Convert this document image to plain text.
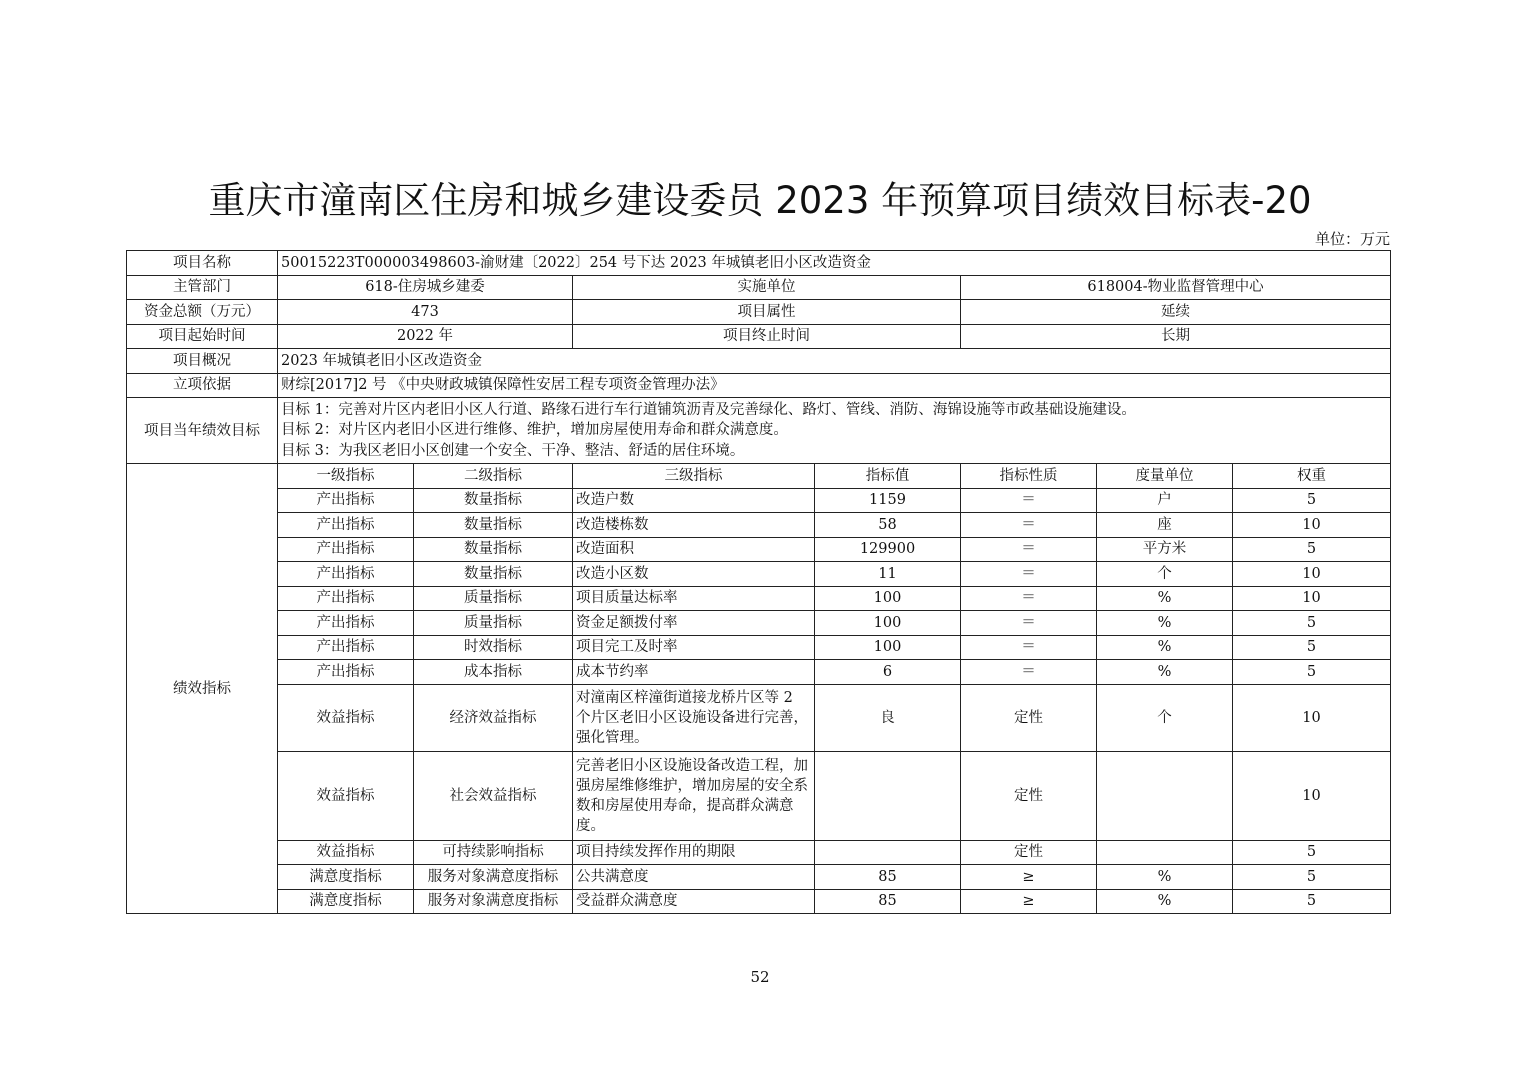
重庆市潼南区住房和城乡建设委员 2023 年预算项目绩效目标表-20
单位：万元
项目名称	50015223T000003498603-渝财建〔2022〕254 号下达 2023 年城镇老旧小区改造资金						
主管部门	618-住房城乡建委		实施单位		618004-物业监督管理中心		
资金总额（万元）	473		项目属性		延续		
项目起始时间	2022 年		项目终止时间		长期		
项目概况	2023 年城镇老旧小区改造资金						
立项依据	财综[2017]2 号 《中央财政城镇保障性安居工程专项资金管理办法》						
项目当年绩效目标	目标 1：完善对片区内老旧小区人行道、路缘石进行车行道铺筑沥青及完善绿化、路灯、管线、消防、海锦设施等市政基础设施建设。
目标 2：对片区内老旧小区进行维修、维护，增加房屋使用寿命和群众满意度。
目标 3：为我区老旧小区创建一个安全、干净、整洁、舒适的居住环境。						

绩效指标	一级指标	二级指标	三级指标	指标值	指标性质	度量单位	权重
	产出指标	数量指标	改造户数	1159	＝	户	5
	产出指标	数量指标	改造楼栋数	58	＝	座	10
	产出指标	数量指标	改造面积	129900	＝	平方米	5
	产出指标	数量指标	改造小区数	11	＝	个	10
	产出指标	质量指标	项目质量达标率	100	＝	%	10
	产出指标	质量指标	资金足额拨付率	100	＝	%	5
	产出指标	时效指标	项目完工及时率	100	＝	%	5
	产出指标	成本指标	成本节约率	6	＝	%	5
	效益指标	经济效益指标	对潼南区梓潼街道接龙桥片区等 2 个片区老旧小区设施设备进行完善，强化管理。	良	定性	个	10
	效益指标	社会效益指标	完善老旧小区设施设备改造工程，加强房屋维修维护，增加房屋的安全系数和房屋使用寿命，提高群众满意度。		定性		10
	效益指标	可持续影响指标	项目持续发挥作用的期限		定性		5
	满意度指标	服务对象满意度指标	公共满意度	85	≥	%	5
	满意度指标	服务对象满意度指标	受益群众满意度	85	≥	%	5
52
